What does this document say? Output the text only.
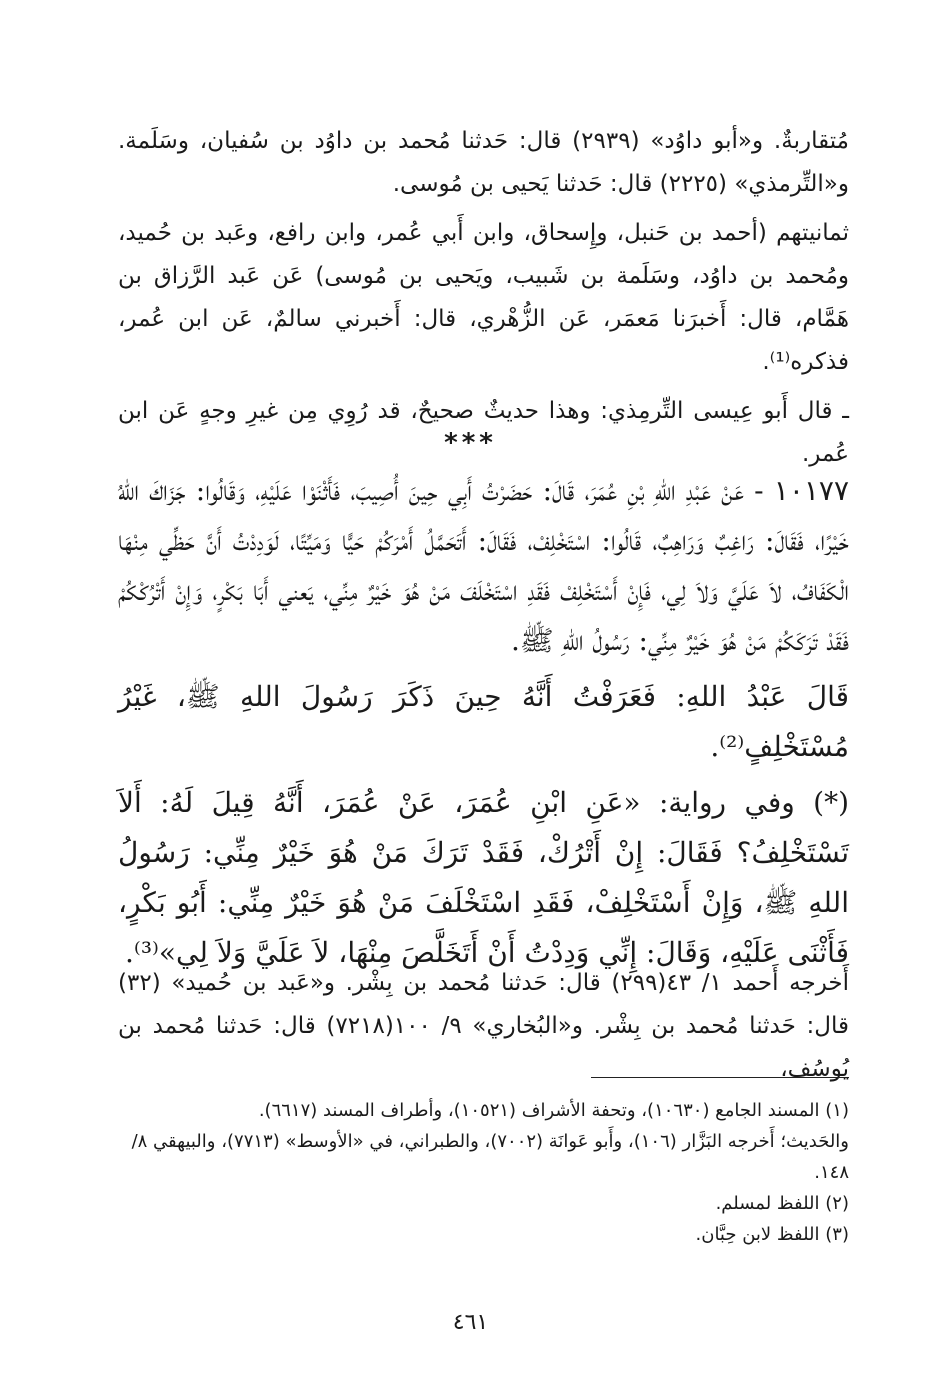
مُتقاربةٌ. و«أبو داوُد» (٢٩٣٩) قال: حَدثنا مُحمد بن داوُد بن سُفيان، وسَلَمة. و«التِّرمذي» (٢٢٢٥) قال: حَدثنا يَحيى بن مُوسى.

ثمانيتهم (أحمد بن حَنبل، وإِسحاق، وابن أَبي عُمر، وابن رافع، وعَبد بن حُميد، ومُحمد بن داوُد، وسَلَمة بن شَبيب، ويَحيى بن مُوسى) عَن عَبد الرَّزاق بن هَمَّام، قال: أَخبرَنا مَعمَر، عَن الزُّهْري، قال: أَخبرني سالمٌ، عَن ابن عُمر، فذكره⁽¹⁾.

ـ قال أَبو عِيسى التِّرمِذي: وهذا حديثٌ صحيحٌ، قد رُوِي مِن غيرِ وجهٍ عَن ابن عُمر.

***

١٠١٧٧ - عَنْ عَبْدِ اللهِ بْنِ عُمَرَ، قَالَ: حَضَرْتُ أَبِي حِينَ أُصِيبَ، فَأَثْنَوْا عَلَيْهِ، وَقَالُوا: جَزَاكَ اللهُ خَيْرًا، فَقَالَ: رَاغِبٌ وَرَاهِبٌ، قَالُوا: اسْتَخْلِفْ، فَقَالَ: أَتَحَمَّلُ أَمْرَكُمْ حَيًّا وَمَيِّتًا، لَوَدِدْتُ أَنَّ حَظِّي مِنْهَا الْكَفَافُ، لاَ عَلَيَّ وَلاَ لِي، فَإِنْ أَسْتَخْلِفْ فَقَدِ اسْتَخْلَفَ مَنْ هُوَ خَيْرٌ مِنِّي، يَعني أَبَا بَكْرٍ، وَإِنْ أَتْرُكْكُمْ فَقَدْ تَرَكَكُمْ مَنْ هُوَ خَيْرٌ مِنِّي: رَسُولُ اللهِ ﷺ.

قَالَ عَبْدُ اللهِ: فَعَرَفْتُ أَنَّهُ حِينَ ذَكَرَ رَسُولَ اللهِ ﷺ، غَيْرُ مُسْتَخْلِفٍ⁽²⁾.

(*) وفي رواية: «عَنِ ابْنِ عُمَرَ، عَنْ عُمَرَ، أَنَّهُ قِيلَ لَهُ: أَلاَ تَسْتَخْلِفُ؟ فَقَالَ: إِنْ أَتْرُكْ، فَقَدْ تَرَكَ مَنْ هُوَ خَيْرٌ مِنِّي: رَسُولُ اللهِ ﷺ، وَإِنْ أَسْتَخْلِفْ، فَقَدِ اسْتَخْلَفَ مَنْ هُوَ خَيْرٌ مِنِّي: أَبُو بَكْرٍ، فَأَثْنَى عَلَيْهِ، وَقَالَ: إِنِّي وَدِدْتُ أَنْ أَتَخَلَّصَ مِنْهَا، لاَ عَلَيَّ وَلاَ لِي»⁽³⁾.

أَخرجه أَحمد ١/ ٤٣(٢٩٩) قال: حَدثنا مُحمد بن بِشْر. و«عَبد بن حُميد» (٣٢) قال: حَدثنا مُحمد بن بِشْر. و«البُخاري» ٩/ ١٠٠(٧٢١٨) قال: حَدثنا مُحمد بن يُوسُف،

(١) المسند الجامع (١٠٦٣٠)، وتحفة الأشراف (١٠٥٢١)، وأطراف المسند (٦٦١٧).

والحَديث؛ أَخرجه البَزَّار (١٠٦)، وأَبو عَوانَة (٧٠٠٢)، والطبراني، في «الأوسط» (٧٧١٣)، والبيهقي ٨/ ١٤٨.

(٢) اللفظ لمسلم.

(٣) اللفظ لابن حِبَّان.

٤٦١
